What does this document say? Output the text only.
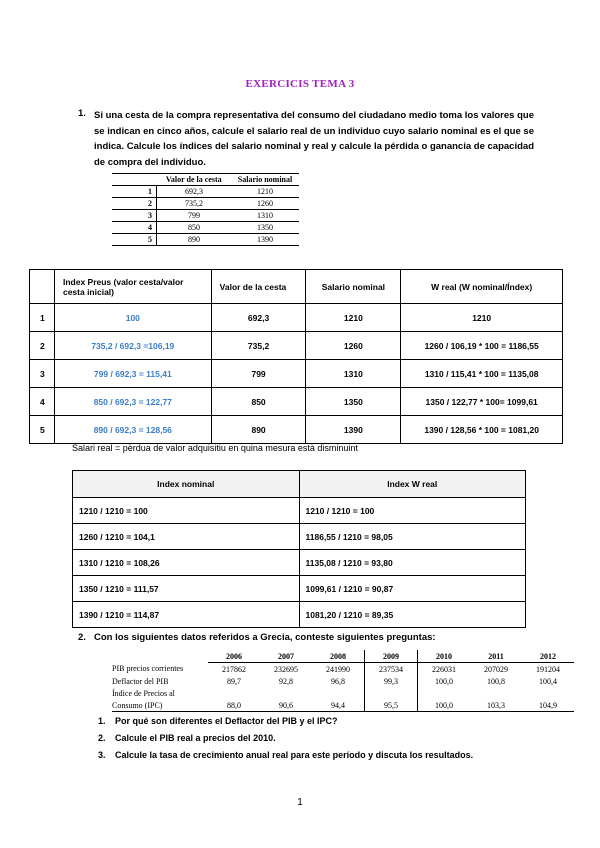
EXERCICIS TEMA 3
1. Si una cesta de la compra representativa del consumo del ciudadano medio toma los valores que se indican en cinco años, calcule el salario real de un individuo cuyo salario nominal es el que se indica. Calcule los índices del salario nominal y real y calcule la pérdida o ganancia de capacidad de compra del individuo.
	Valor de la cesta	Salario nominal
1	692,3	1210
2	735,2	1260
3	799	1310
4	850	1350
5	890	1390
	Index Preus (valor cesta/valor cesta inicial)	Valor de la cesta	Salario nominal	W real (W nominal/Índex)
1	100	692,3	1210	1210
2	735,2 / 692,3 =106,19	735,2	1260	1260 / 106,19 * 100 = 1186,55
3	799 / 692,3 = 115,41	799	1310	1310 / 115,41 * 100 = 1135,08
4	850 / 692,3 = 122,77	850	1350	1350 / 122,77 * 100= 1099,61
5	890 / 692,3 = 128,56	890	1390	1390 / 128,56 * 100 = 1081,20
Salari real = pèrdua de valor adquisitiu en quina mesura està disminuint
Index nominal	Index W real
1210 / 1210 = 100	1210 / 1210 = 100
1260 / 1210 = 104,1	1186,55 / 1210 = 98,05
1310 / 1210 = 108,26	1135,08 / 1210 = 93,80
1350 / 1210 = 111,57	1099,61 / 1210 = 90,87
1390 / 1210 = 114,87	1081,20 / 1210 = 89,35
2. Con los siguientes datos referidos a Grecia, conteste siguientes preguntas:
	2006	2007	2008	2009	2010	2011	2012
PIB precios corrientes	217862	232695	241990	237534	226031	207029	191204
Deflactor del PIB	89,7	92,8	96,8	99,3	100,0	100,8	100,4
Índice de Precios al							
Consumo (IPC)	88,0	90,6	94,4	95,5	100,0	103,3	104,9
1. Por qué son diferentes el Deflactor del PIB y el IPC?
2. Calcule el PIB real a precios del 2010.
3. Calcule la tasa de crecimiento anual real para este período y discuta los resultados.
1
